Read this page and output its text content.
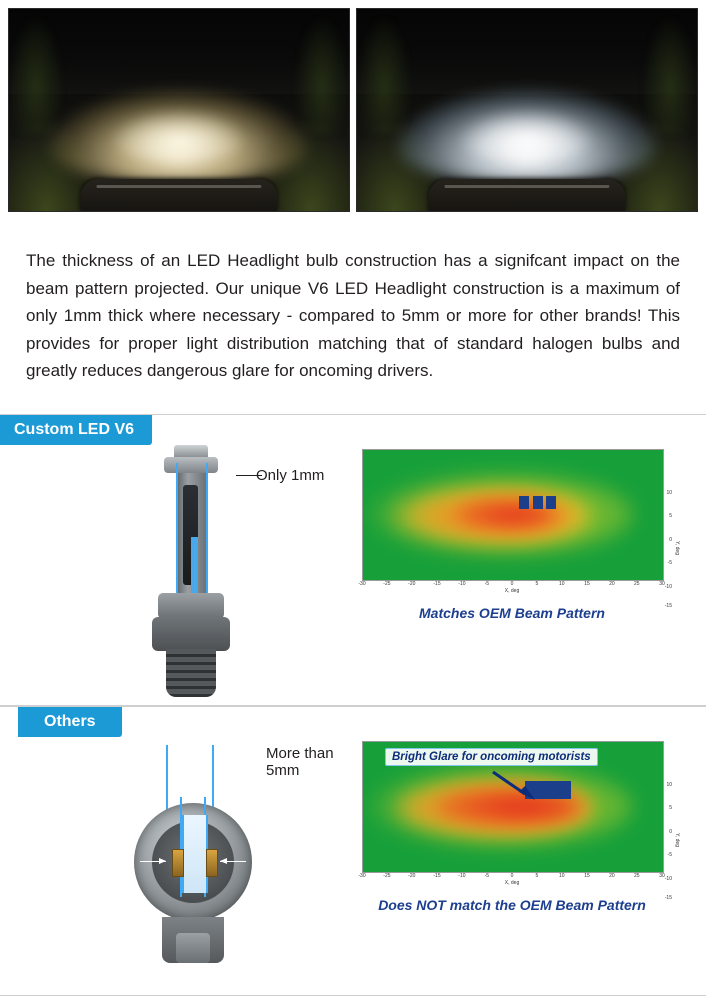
The thickness of an LED Headlight bulb construction has a signifcant impact on the beam pattern projected. Our unique V6 LED Headlight construction is a maximum of only 1mm thick where necessary - compared to 5mm or more for other brands! This provides for proper light distribution matching that of standard halogen bulbs and greatly reduces dangerous glare for oncoming drivers.

Custom LED V6
Only 1mm
-30	-25	-20	-15	-10	-5	0	5	10	15	20	25	30
X, deg
10
5
0
-5
-10
-15
Y, deg
Matches OEM Beam Pattern
Others
More than 5mm
Bright Glare for oncoming motorists
-30	-25	-20	-15	-10	-5	0	5	10	15	20	25	30
X, deg
10
5
0
-5
-10
-15
Y, deg
Does NOT match the OEM Beam Pattern
